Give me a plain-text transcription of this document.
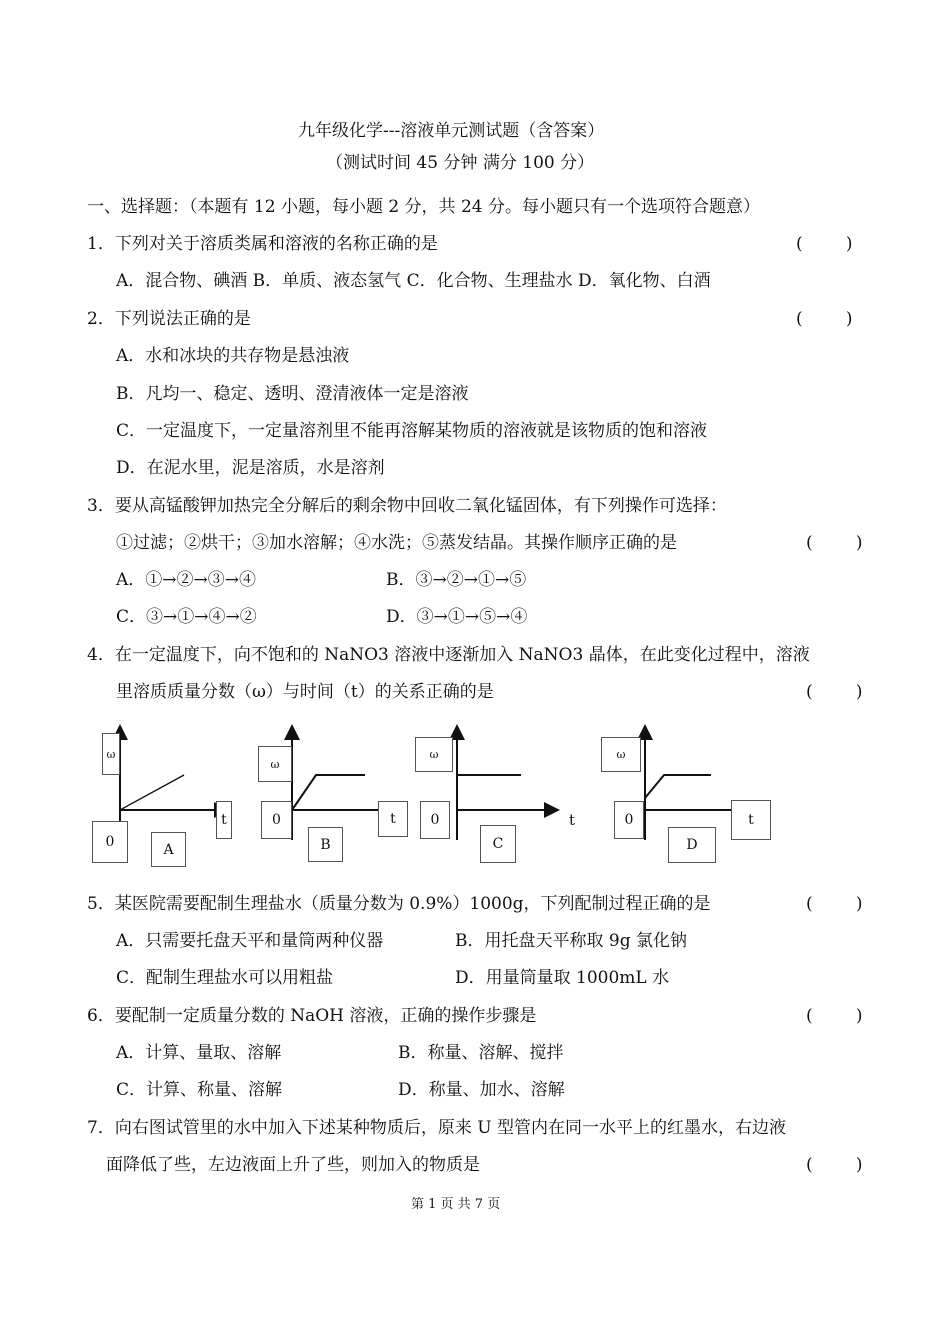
九年级化学---溶液单元测试题（含答案）
（测试时间 45 分钟 满分 100 分）
一、选择题：（本题有 12 小题，每小题 2 分，共 24 分。每小题只有一个选项符合题意）
1．下列对关于溶质类属和溶液的名称正确的是	(        )
A．混合物、碘酒 B．单质、液态氢气 C．化合物、生理盐水 D．氧化物、白酒
2．下列说法正确的是	(        )
A．水和冰块的共存物是悬浊液
B．凡均一、稳定、透明、澄清液体一定是溶液
C．一定温度下，一定量溶剂里不能再溶解某物质的溶液就是该物质的饱和溶液
D．在泥水里，泥是溶质，水是溶剂
3．要从高锰酸钾加热完全分解后的剩余物中回收二氧化锰固体，有下列操作可选择：
①过滤；②烘干；③加水溶解；④水洗；⑤蒸发结晶。其操作顺序正确的是	(        )
A．①→②→③→④	B．③→②→①→⑤
C．③→①→④→②	D．③→①→⑤→④
4．在一定温度下，向不饱和的 NaNO3 溶液中逐渐加入 NaNO3 晶体，在此变化过程中，溶液
里溶质质量分数（ω）与时间（t）的关系正确的是	(        )
ω
0	A
t
ω
0
B
t
ω
0
C
t
ω
0
D
t
5．某医院需要配制生理盐水（质量分数为 0.9%）1000g，下列配制过程正确的是	(        )
A．只需要托盘天平和量筒两种仪器	B．用托盘天平称取 9g 氯化钠
C．配制生理盐水可以用粗盐	D．用量筒量取 1000mL 水
6．要配制一定质量分数的 NaOH 溶液，正确的操作步骤是	(        )
A．计算、量取、溶解	B．称量、溶解、搅拌
C．计算、称量、溶解	D．称量、加水、溶解
7．向右图试管里的水中加入下述某种物质后，原来 U 型管内在同一水平上的红墨水，右边液
面降低了些，左边液面上升了些，则加入的物质是	(        )
第 1 页 共 7 页
